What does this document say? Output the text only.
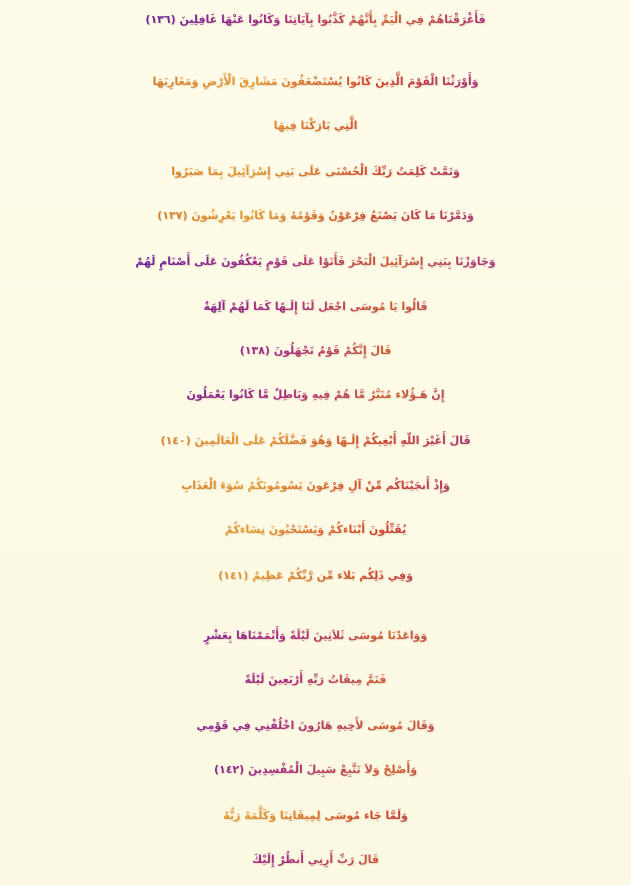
فَأَغْرَقْنَاهُمْ فِي الْيَمِّ بِأَنَّهُمْ كَذَّبُوا بِآيَاتِنَا وَكَانُوا عَنْهَا غَافِلِينَ (١٣٦)
وَأَوْرَثْنَا الْقَوْمَ الَّذِينَ كَانُوا يُسْتَضْعَفُونَ مَشَارِقَ الْأَرْضِ وَمَغَارِبَهَا
الَّتِي بَارَكْنَا فِيهَا
وَتَمَّتْ كَلِمَتُ رَبِّكَ الْحُسْنَى عَلَى بَنِي إِسْرَآئِيلَ بِمَا صَبَرُوا
وَدَمَّرْنَا مَا كَانَ يَصْنَعُ فِرْعَوْنُ وَقَوْمُهُ وَمَا كَانُوا يَعْرِشُونَ (١٣٧)
وَجَاوَزْنَا بِبَنِي إِسْرَآئِيلَ الْبَحْرَ فَأَتَوْا عَلَى قَوْمٍ يَعْكُفُونَ عَلَى أَصْنَامٍ لَهُمْ
قَالُوا يَا مُوسَى اجْعَل لَنَا إِلَـهًا كَمَا لَهُمْ آلِهَةٌ
قَالَ إِنَّكُمْ قَوْمٌ تَجْهَلُونَ (١٣٨)
إِنَّ هَـؤُلاء مُتَبَّرٌ مَّا هُمْ فِيهِ وَبَاطِلٌ مَّا كَانُوا يَعْمَلُونَ
قَالَ أَغَيْرَ اللّهِ أَبْغِيكُمْ إِلَـهًا وَهُوَ فَضَّلَكُمْ عَلَى الْعَالَمِينَ (١٤٠)
وَإِذْ أَنجَيْنَاكُم مِّنْ آلِ فِرْعَونَ يَسُومُونَكُمْ سُوَءَ الْعَذَابِ
يُقَتِّلُونَ أَبْنَاءكُمْ وَيَسْتَحْيُونَ نِسَاءكُمْ
وَفِي ذَلِكُم بَلاء مِّن رَّبِّكُمْ عَظِيمٌ (١٤١)
وَوَاعَدْنَا مُوسَى ثَلاَثِينَ لَيْلَةً وَأَتْمَمْنَاهَا بِعَشْرٍ
فَتَمَّ مِيقَاتُ رَبِّهِ أَرْبَعِينَ لَيْلَةً
وَقَالَ مُوسَى لأَخِيهِ هَارُونَ اخْلُفْنِي فِي قَوْمِي
وَأَصْلِحْ وَلاَ تَتَّبِعْ سَبِيلَ الْمُفْسِدِينَ (١٤٢)
وَلَمَّا جَاء مُوسَى لِمِيقَاتِنَا وَكَلَّمَهُ رَبُّهُ
قَالَ رَبِّ أَرِنِي أَنظُرْ إِلَيْكَ
